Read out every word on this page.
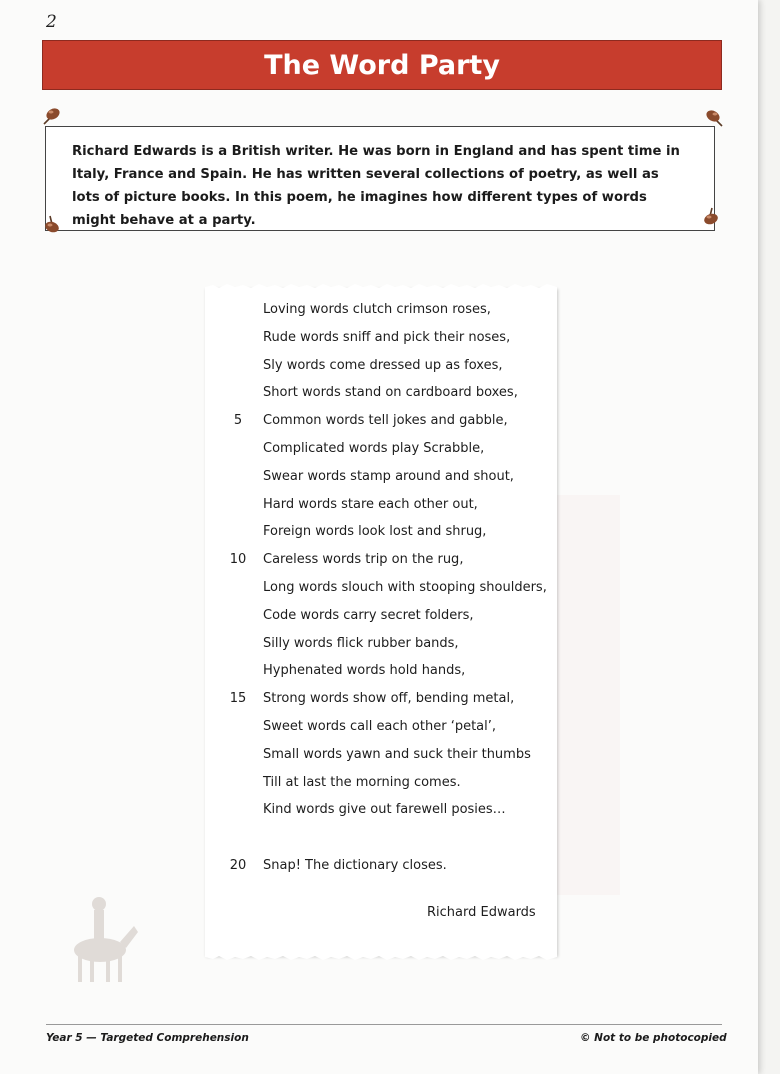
2
The Word Party
Richard Edwards is a British writer. He was born in England and has spent time in Italy, France and Spain. He has written several collections of poetry, as well as lots of picture books. In this poem, he imagines how different types of words might behave at a party.
Loving words clutch crimson roses,
Rude words sniff and pick their noses,
Sly words come dressed up as foxes,
Short words stand on cardboard boxes,
5	Common words tell jokes and gabble,
Complicated words play Scrabble,
Swear words stamp around and shout,
Hard words stare each other out,
Foreign words look lost and shrug,
10	Careless words trip on the rug,
Long words slouch with stooping shoulders,
Code words carry secret folders,
Silly words flick rubber bands,
Hyphenated words hold hands,
15	Strong words show off, bending metal,
Sweet words call each other ‘petal’,
Small words yawn and suck their thumbs
Till at last the morning comes.
Kind words give out farewell posies…
20	Snap! The dictionary closes.
Richard Edwards
Year 5 — Targeted Comprehension	© Not to be photocopied
